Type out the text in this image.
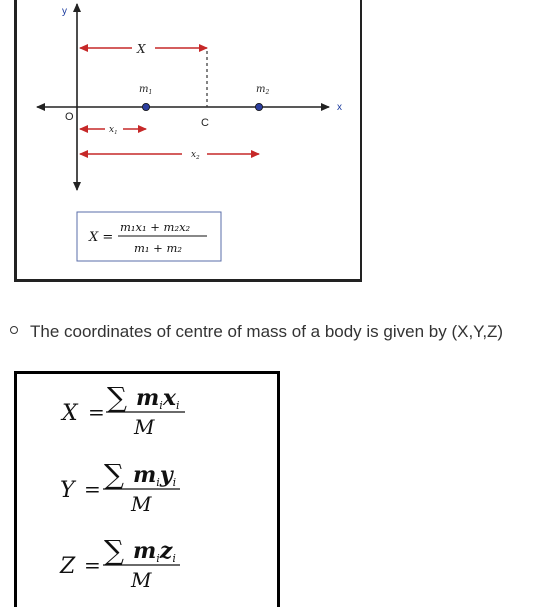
y
x
O
X
$m_1$	$m_2$
C
$x_1$
$x_2$
X =
m₁x₁ + m₂x₂
m₁ + m₂
The coordinates of centre of mass of a body is given by (X,Y,Z)
X = ∑ mixi
M
Y = ∑ miyi
M
Z = ∑ mizi
M
